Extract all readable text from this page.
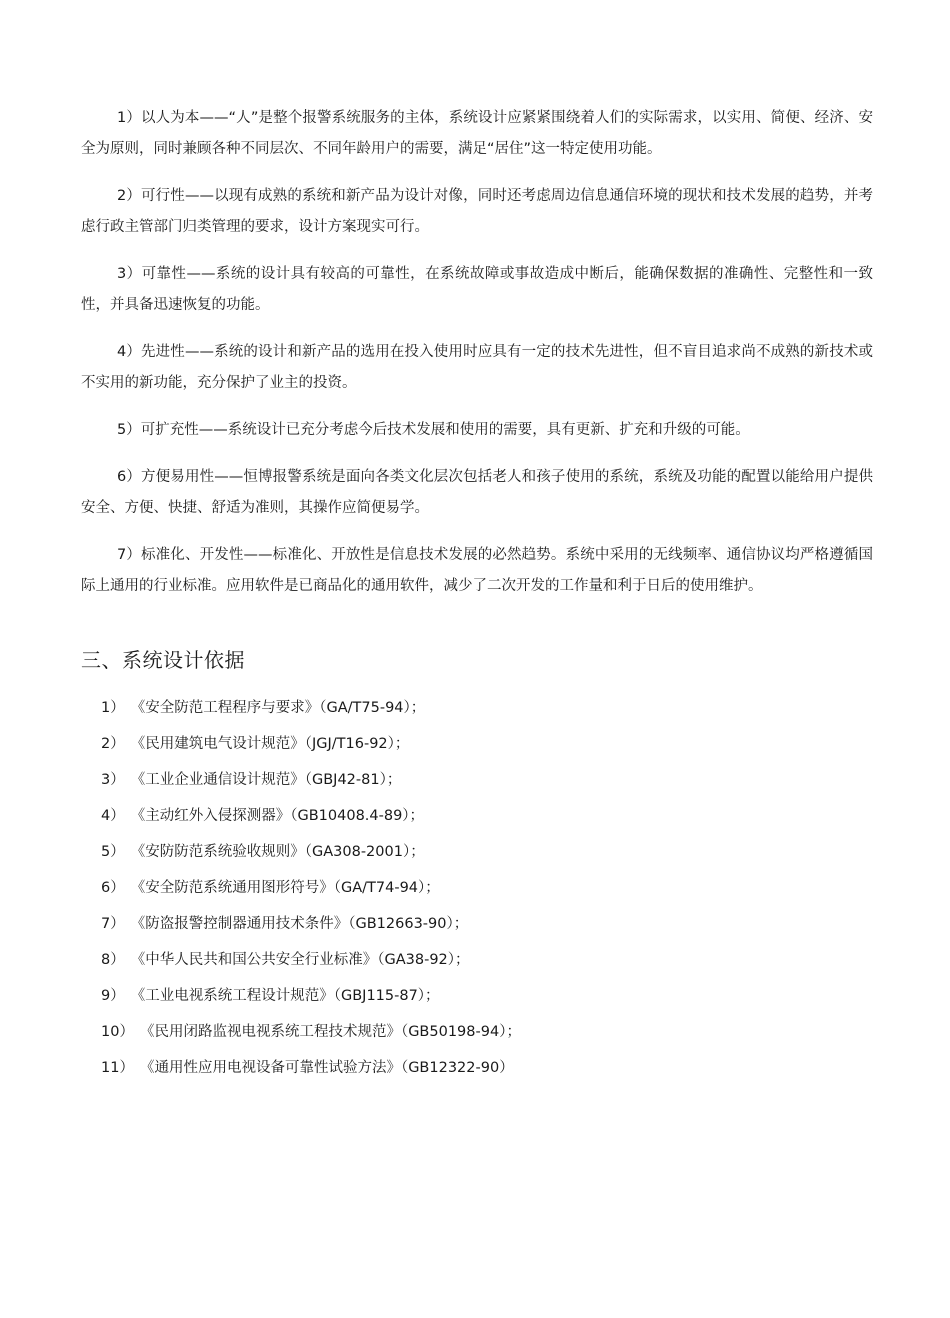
1）以人为本——“人”是整个报警系统服务的主体，系统设计应紧紧围绕着人们的实际需求，以实用、简便、经济、安全为原则，同时兼顾各种不同层次、不同年龄用户的需要，满足“居住”这一特定使用功能。

2）可行性——以现有成熟的系统和新产品为设计对像，同时还考虑周边信息通信环境的现状和技术发展的趋势，并考虑行政主管部门归类管理的要求，设计方案现实可行。

3）可靠性——系统的设计具有较高的可靠性，在系统故障或事故造成中断后，能确保数据的准确性、完整性和一致性，并具备迅速恢复的功能。

4）先进性——系统的设计和新产品的选用在投入使用时应具有一定的技术先进性，但不盲目追求尚不成熟的新技术或不实用的新功能，充分保护了业主的投资。

5）可扩充性——系统设计已充分考虑今后技术发展和使用的需要，具有更新、扩充和升级的可能。

6）方便易用性——恒博报警系统是面向各类文化层次包括老人和孩子使用的系统，系统及功能的配置以能给用户提供安全、方便、快捷、舒适为准则，其操作应简便易学。

7）标准化、开发性——标准化、开放性是信息技术发展的必然趋势。系统中采用的无线频率、通信协议均严格遵循国际上通用的行业标准。应用软件是已商品化的通用软件，减少了二次开发的工作量和利于日后的使用维护。

三、系统设计依据
1） 《安全防范工程程序与要求》（GA/T75-94）；
2） 《民用建筑电气设计规范》（JGJ/T16-92）；
3） 《工业企业通信设计规范》（GBJ42-81）；
4） 《主动红外入侵探测器》（GB10408.4-89）；
5） 《安防防范系统验收规则》（GA308-2001）；
6） 《安全防范系统通用图形符号》（GA/T74-94）；
7） 《防盗报警控制器通用技术条件》（GB12663-90）；
8） 《中华人民共和国公共安全行业标准》（GA38-92）；
9） 《工业电视系统工程设计规范》（GBJ115-87）；
10） 《民用闭路监视电视系统工程技术规范》（GB50198-94）；
11） 《通用性应用电视设备可靠性试验方法》（GB12322-90）
